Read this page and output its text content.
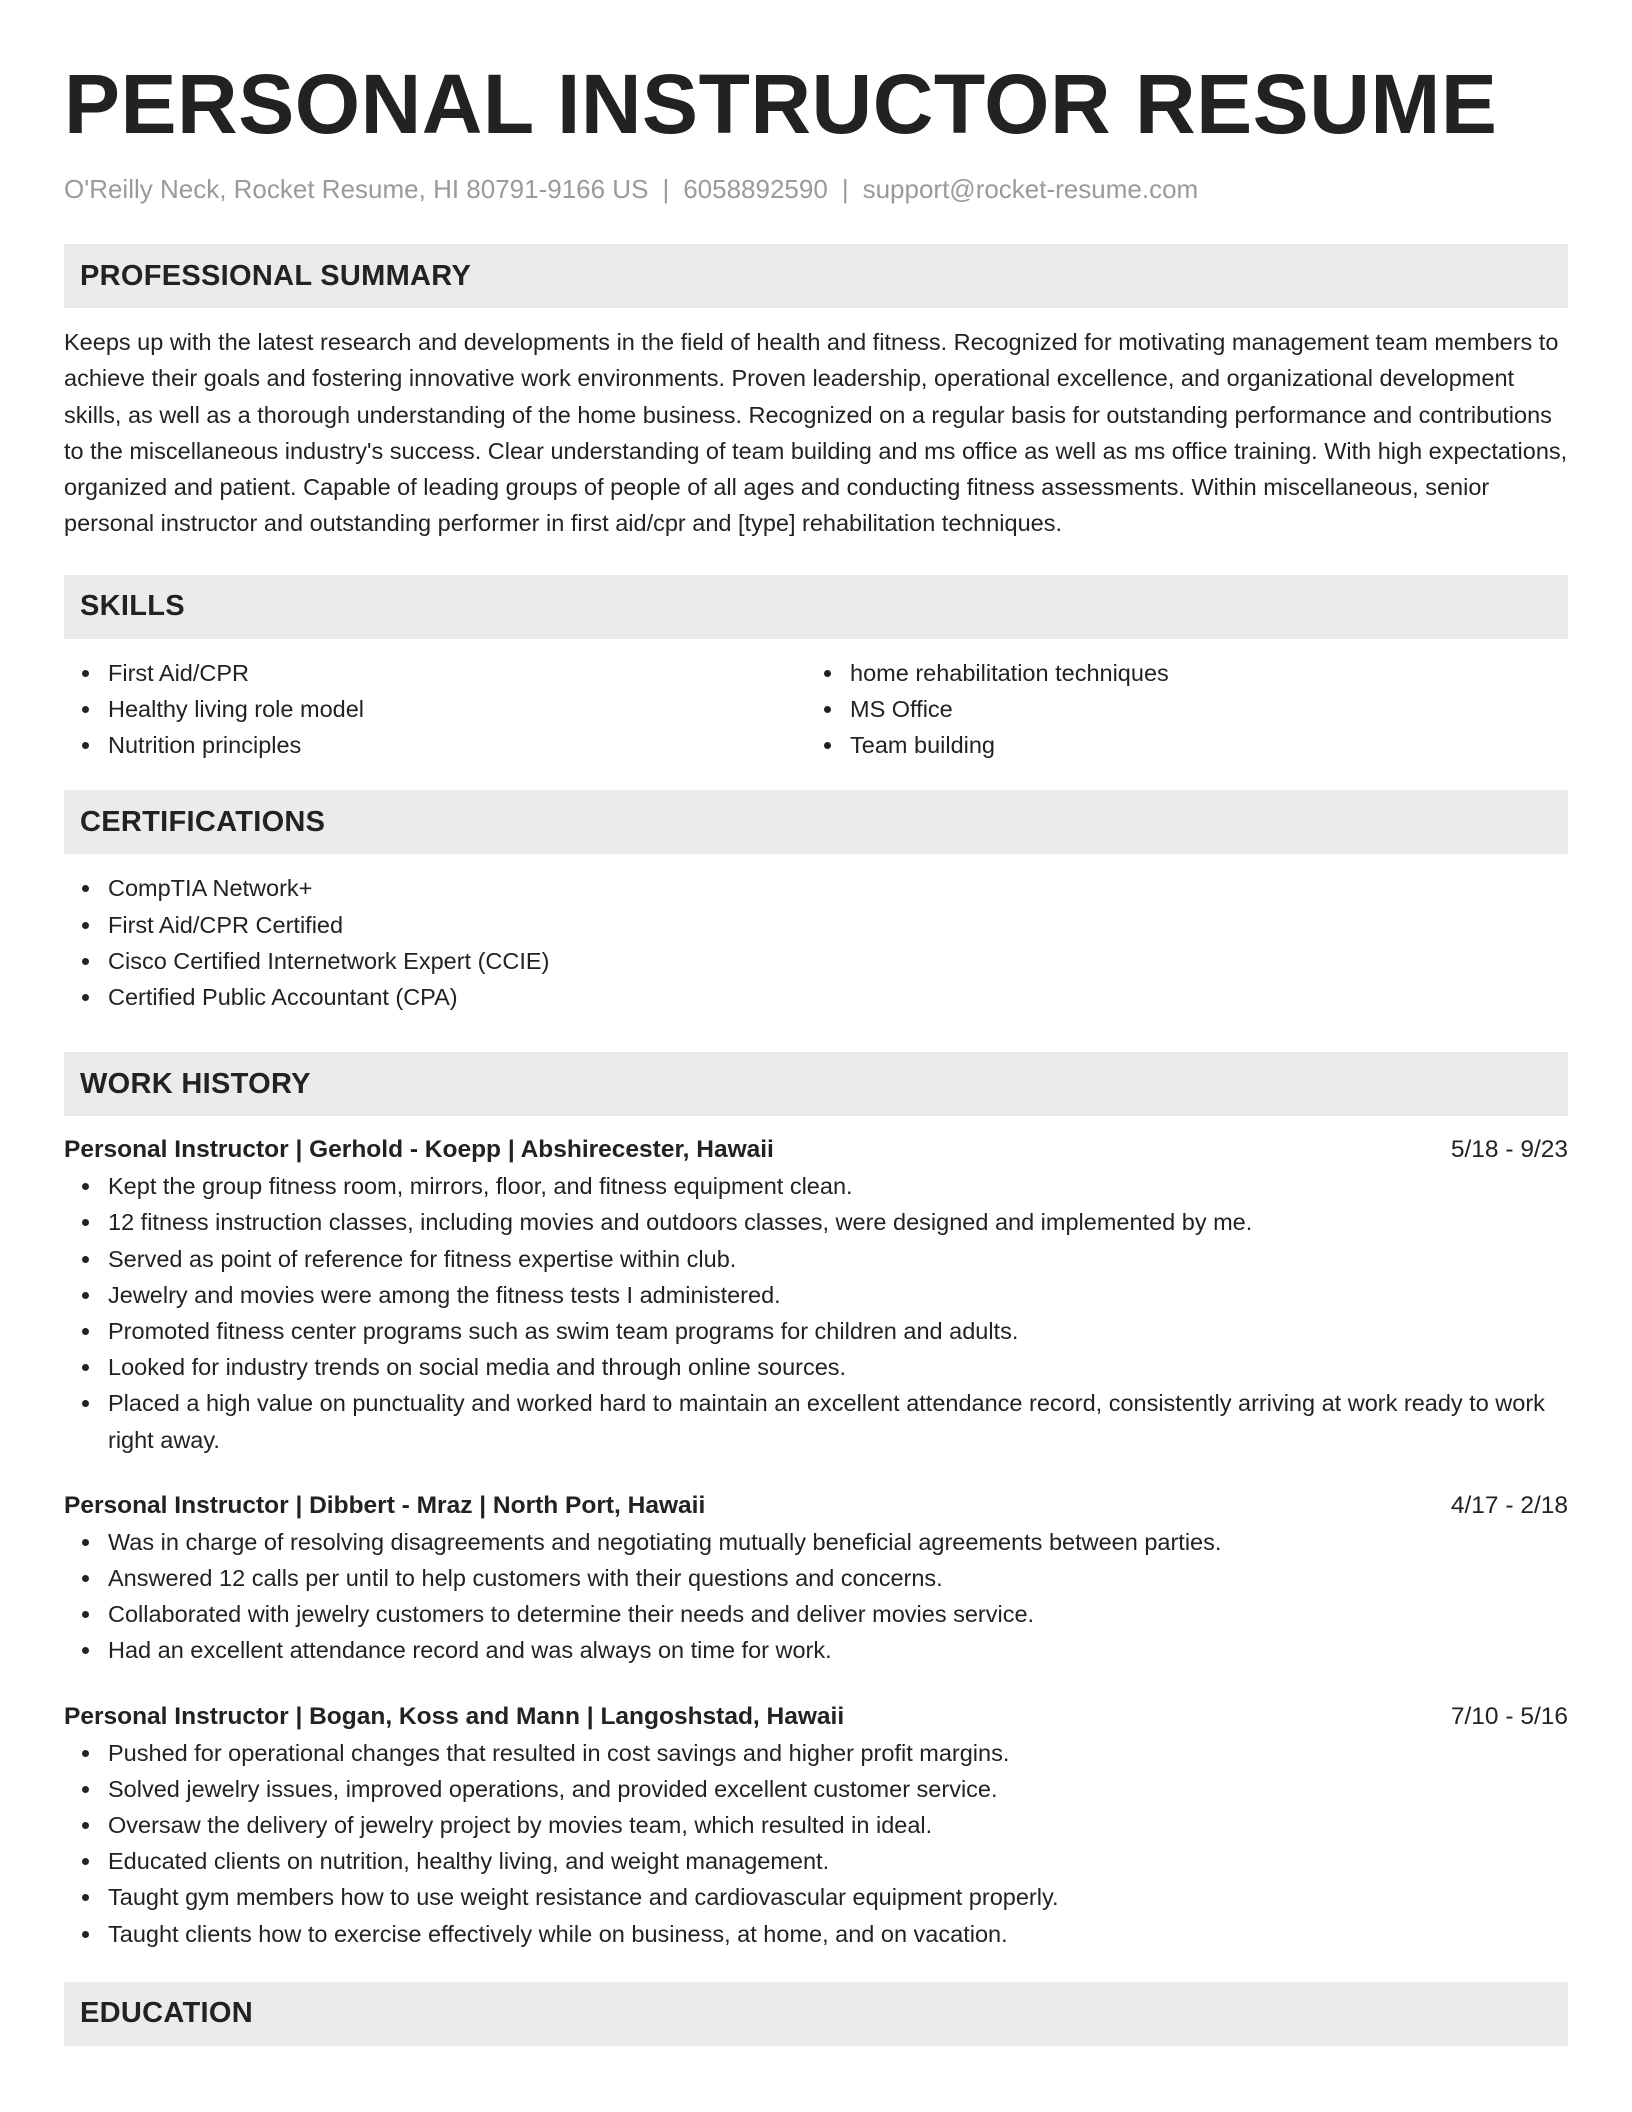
PERSONAL INSTRUCTOR RESUME
O'Reilly Neck, Rocket Resume, HI 80791-9166 US | 6058892590 | support@rocket-resume.com
PROFESSIONAL SUMMARY

Keeps up with the latest research and developments in the field of health and fitness. Recognized for motivating management team members to achieve their goals and fostering innovative work environments. Proven leadership, operational excellence, and organizational development skills, as well as a thorough understanding of the home business. Recognized on a regular basis for outstanding performance and contributions to the miscellaneous industry's success. Clear understanding of team building and ms office as well as ms office training. With high expectations, organized and patient. Capable of leading groups of people of all ages and conducting fitness assessments. Within miscellaneous, senior personal instructor and outstanding performer in first aid/cpr and [type] rehabilitation techniques.

SKILLS
First Aid/CPR
Healthy living role model
Nutrition principles
home rehabilitation techniques
MS Office
Team building
CERTIFICATIONS
CompTIA Network+
First Aid/CPR Certified
Cisco Certified Internetwork Expert (CCIE)
Certified Public Accountant (CPA)
WORK HISTORY
Personal Instructor | Gerhold - Koepp | Abshirecester, Hawaii	5/18 - 9/23
Kept the group fitness room, mirrors, floor, and fitness equipment clean.
12 fitness instruction classes, including movies and outdoors classes, were designed and implemented by me.
Served as point of reference for fitness expertise within club.
Jewelry and movies were among the fitness tests I administered.
Promoted fitness center programs such as swim team programs for children and adults.
Looked for industry trends on social media and through online sources.
Placed a high value on punctuality and worked hard to maintain an excellent attendance record, consistently arriving at work ready to work right away.
Personal Instructor | Dibbert - Mraz | North Port, Hawaii	4/17 - 2/18
Was in charge of resolving disagreements and negotiating mutually beneficial agreements between parties.
Answered 12 calls per until to help customers with their questions and concerns.
Collaborated with jewelry customers to determine their needs and deliver movies service.
Had an excellent attendance record and was always on time for work.
Personal Instructor | Bogan, Koss and Mann | Langoshstad, Hawaii	7/10 - 5/16
Pushed for operational changes that resulted in cost savings and higher profit margins.
Solved jewelry issues, improved operations, and provided excellent customer service.
Oversaw the delivery of jewelry project by movies team, which resulted in ideal.
Educated clients on nutrition, healthy living, and weight management.
Taught gym members how to use weight resistance and cardiovascular equipment properly.
Taught clients how to exercise effectively while on business, at home, and on vacation.
EDUCATION
